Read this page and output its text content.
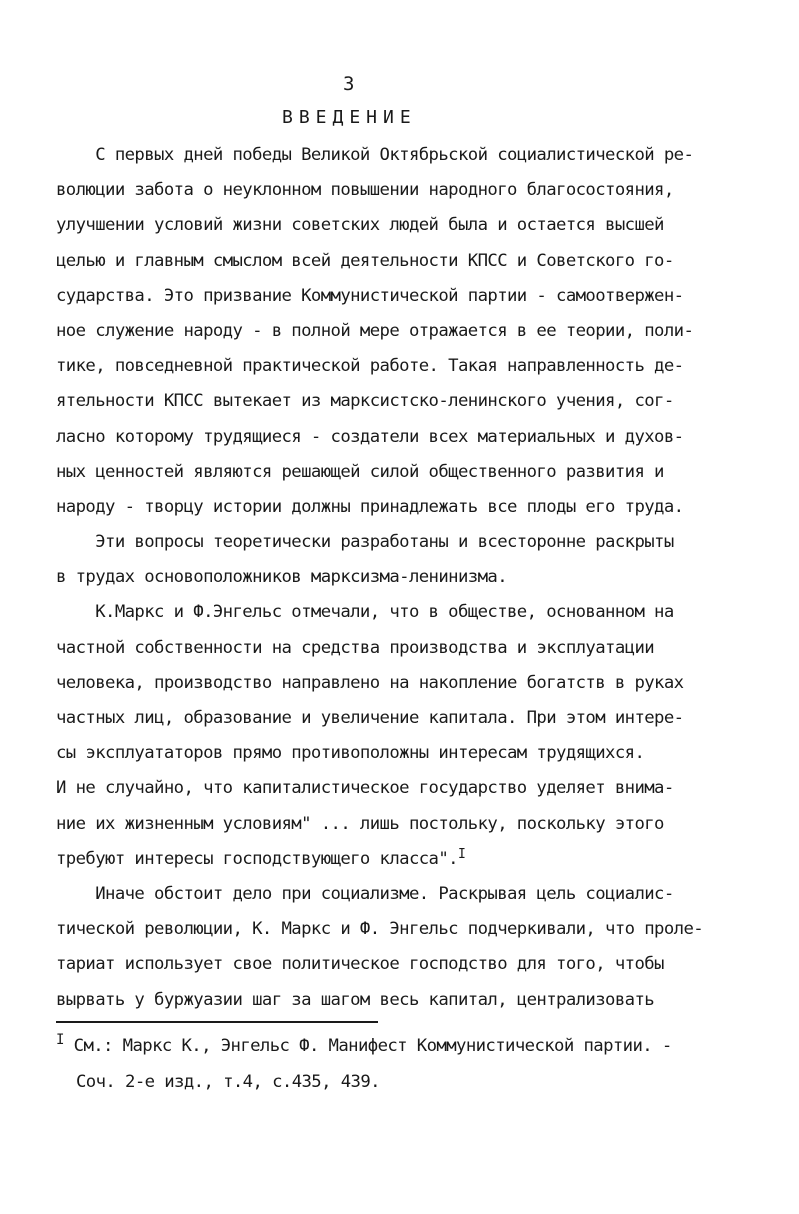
3
ВВЕДЕНИЕ
С первых дней победы Великой Октябрьской социалистической ре-
волюции забота о неуклонном повышении народного благосостояния,
улучшении условий жизни советских людей была и остается высшей
целью и главным смыслом всей деятельности КПСС и Советского го-
сударства. Это призвание Коммунистической партии - самоотвержен-
ное служение народу - в полной мере отражается в ее теории, поли-
тике, повседневной практической работе. Такая направленность де-
ятельности КПСС вытекает из марксистско-ленинского учения, сог-
ласно которому трудящиеся - создатели всех материальных и духов-
ных ценностей являются решающей силой общественного развития и
народу - творцу истории должны принадлежать все плоды его труда.
Эти вопросы теоретически разработаны и всесторонне раскрыты
в трудах основоположников марксизма-ленинизма.
К.Маркс и Ф.Энгельс отмечали, что в обществе, основанном на
частной собственности на средства производства и эксплуатации
человека, производство направлено на накопление богатств в руках
частных лиц, образование и увеличение капитала. При этом интере-
сы эксплуататоров прямо противоположны интересам трудящихся.
И не случайно, что капиталистическое государство уделяет внима-
ние их жизненным условиям" ... лишь постольку, поскольку этого
требуют интересы господствующего класса".$^I$
Иначе обстоит дело при социализме. Раскрывая цель социалис-
тической революции, К. Маркс и Ф. Энгельс подчеркивали, что проле-
тариат использует свое политическое господство для того, чтобы
вырвать у буржуазии шаг за шагом весь капитал, централизовать
$^I$ См.: Маркс К., Энгельс Ф. Манифест Коммунистической партии. -
Соч. 2-е изд., т.4, с.435, 439.
